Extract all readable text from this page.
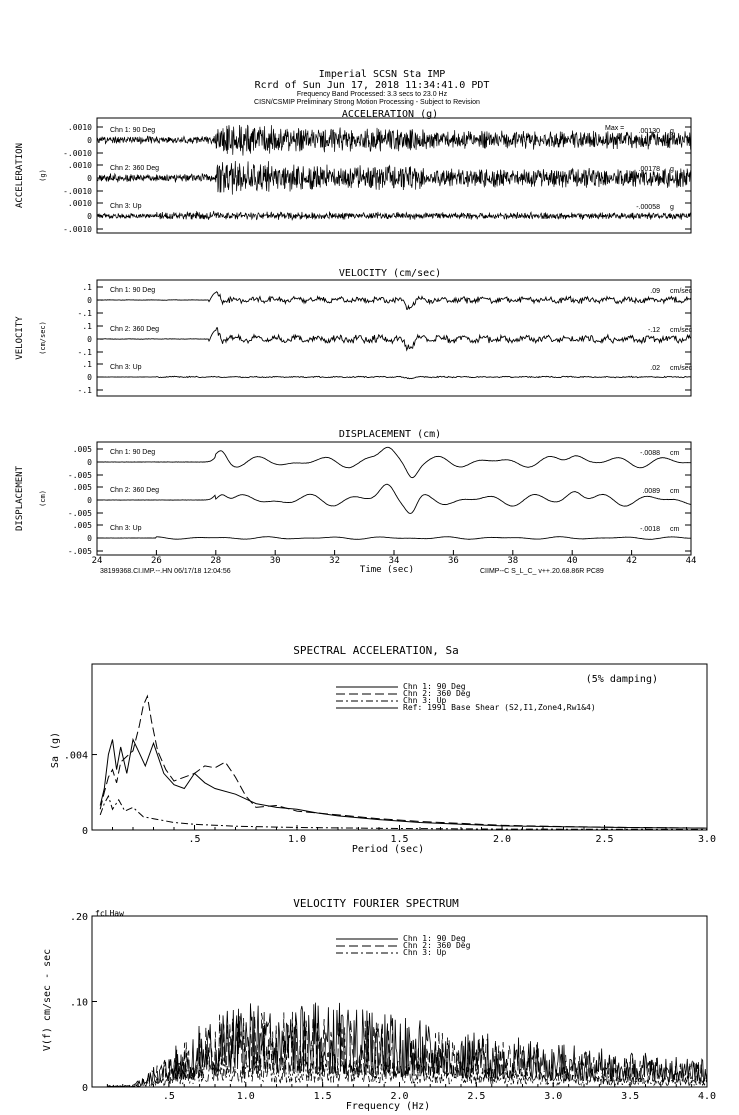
Imperial SCSN Sta IMP
Rcrd of Sun Jun 17, 2018 11:34:41.0 PDT
Frequency Band Processed: 3.3 secs to 23.0 Hz
CISN/CSMIP Preliminary Strong Motion Processing - Subject to Revision
ACCELERATION (g)
ACCELERATION (g)
.0010
0
-.0010
Chn 1: 90 Deg	.00130 g
.0010
0
-.0010
Chn 2: 360 Deg	.00178 g
.0010
0
-.0010
Chn 3: Up	-.00058 g
Max =
VELOCITY (cm/sec)
VELOCITY (cm/sec)
.1
0
-.1
Chn 1: 90 Deg	.09 cm/sec
.1
0
-.1
Chn 2: 360 Deg	-.12 cm/sec
.1
0
-.1
Chn 3: Up	.02 cm/sec
DISPLACEMENT (cm)
DISPLACEMENT (cm)
.005
0
-.005
Chn 1: 90 Deg	-.0088 cm
.005
0
-.005
Chn 2: 360 Deg	.0089 cm
.005
0
-.005
Chn 3: Up	-.0018 cm
24	26	28	30	32	34	36	38	40	42	44
Time (sec)
38199368.CI.IMP.--.HN 06/17/18 12:04:56	CIIMP--C S_L_C_ v++.20.68.86R PC89
SPECTRAL ACCELERATION, Sa
(5% damping)
Period (sec)
Sa (g)
.5	1.0	1.5	2.0	2.5	3.0
0
.004
Chn 1: 90 Deg
Chn 2: 360 Deg
Chn 3: Up
Ref: 1991 Base Shear (S2,I1,Zone4,Rw1&4)
VELOCITY FOURIER SPECTRUM
fcLHaw
Frequency (Hz)
V(f) cm/sec - sec
.5	1.0	1.5	2.0	2.5	3.0	3.5	4.0
0
.10
.20
Chn 1: 90 Deg
Chn 2: 360 Deg
Chn 3: Up
